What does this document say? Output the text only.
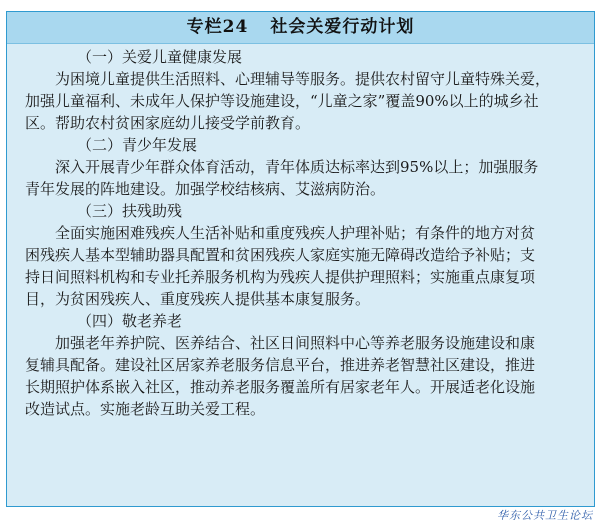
专栏24 社会关爱行动计划
（一）关爱儿童健康发展
为困境儿童提供生活照料、心理辅导等服务。提供农村留守儿童特殊关爱，
加强儿童福利、未成年人保护等设施建设，“儿童之家”覆盖90%以上的城乡社
区。帮助农村贫困家庭幼儿接受学前教育。
（二）青少年发展
深入开展青少年群众体育活动，青年体质达标率达到95%以上；加强服务
青年发展的阵地建设。加强学校结核病、艾滋病防治。
（三）扶残助残
全面实施困难残疾人生活补贴和重度残疾人护理补贴；有条件的地方对贫
困残疾人基本型辅助器具配置和贫困残疾人家庭实施无障碍改造给予补贴；支
持日间照料机构和专业托养服务机构为残疾人提供护理照料；实施重点康复项
目，为贫困残疾人、重度残疾人提供基本康复服务。
（四）敬老养老
加强老年养护院、医养结合、社区日间照料中心等养老服务设施建设和康
复辅具配备。建设社区居家养老服务信息平台，推进养老智慧社区建设，推进
长期照护体系嵌入社区，推动养老服务覆盖所有居家老年人。开展适老化设施
改造试点。实施老龄互助关爱工程。
华东公共卫生论坛
